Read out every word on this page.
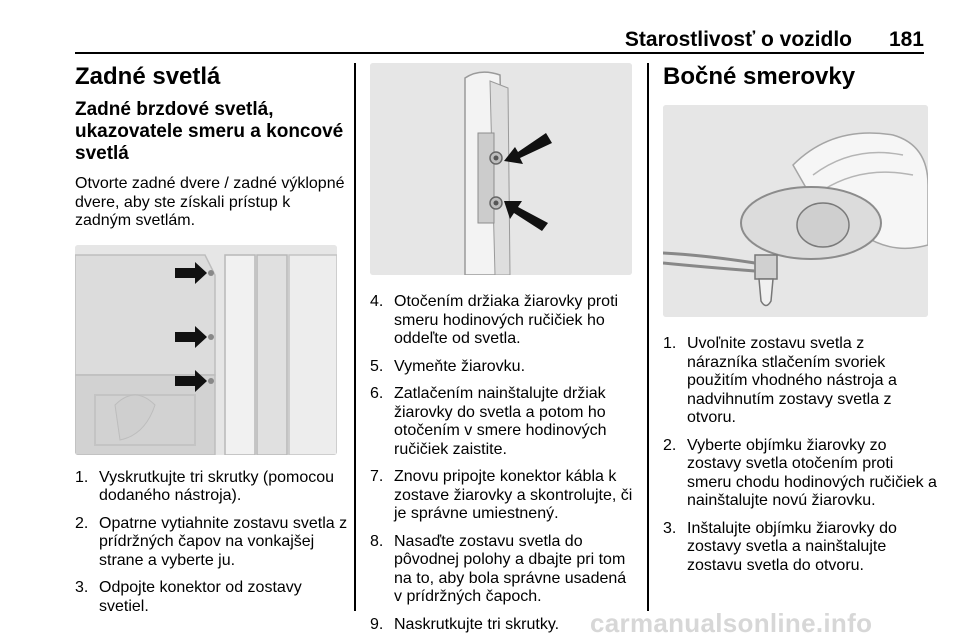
Starostlivosť o vozidlo 181
Zadné svetlá
Zadné brzdové svetlá, ukazovatele smeru a koncové svetlá
Otvorte zadné dvere / zadné výklopné dvere, aby ste získali prístup k zadným svetlám.
1. Vyskrutkujte tri skrutky (pomocou dodaného nástroja).
2. Opatrne vytiahnite zostavu svetla z prídržných čapov na vonkajšej strane a vyberte ju.
3. Odpojte konektor od zostavy svetiel.
4. Otočením držiaka žiarovky proti smeru hodinových ručičiek ho oddeľte od svetla.
5. Vymeňte žiarovku.
6. Zatlačením nainštalujte držiak žiarovky do svetla a potom ho otočením v smere hodinových ručičiek zaistite.
7. Znovu pripojte konektor kábla k zostave žiarovky a skontrolujte, či je správne umiestnený.
8. Nasaďte zostavu svetla do pôvodnej polohy a dbajte pri tom na to, aby bola správne usadená v prídržných čapoch.
9. Naskrutkujte tri skrutky.
Bočné smerovky
1. Uvoľnite zostavu svetla z nárazníka stlačením svoriek použitím vhodného nástroja a nadvihnutím zostavy svetla z otvoru.
2. Vyberte objímku žiarovky zo zostavy svetla otočením proti smeru chodu hodinových ručičiek a nainštalujte novú žiarovku.
3. Inštalujte objímku žiarovky do zostavy svetla a nainštalujte zostavu svetla do otvoru.
carmanualsonline.info
